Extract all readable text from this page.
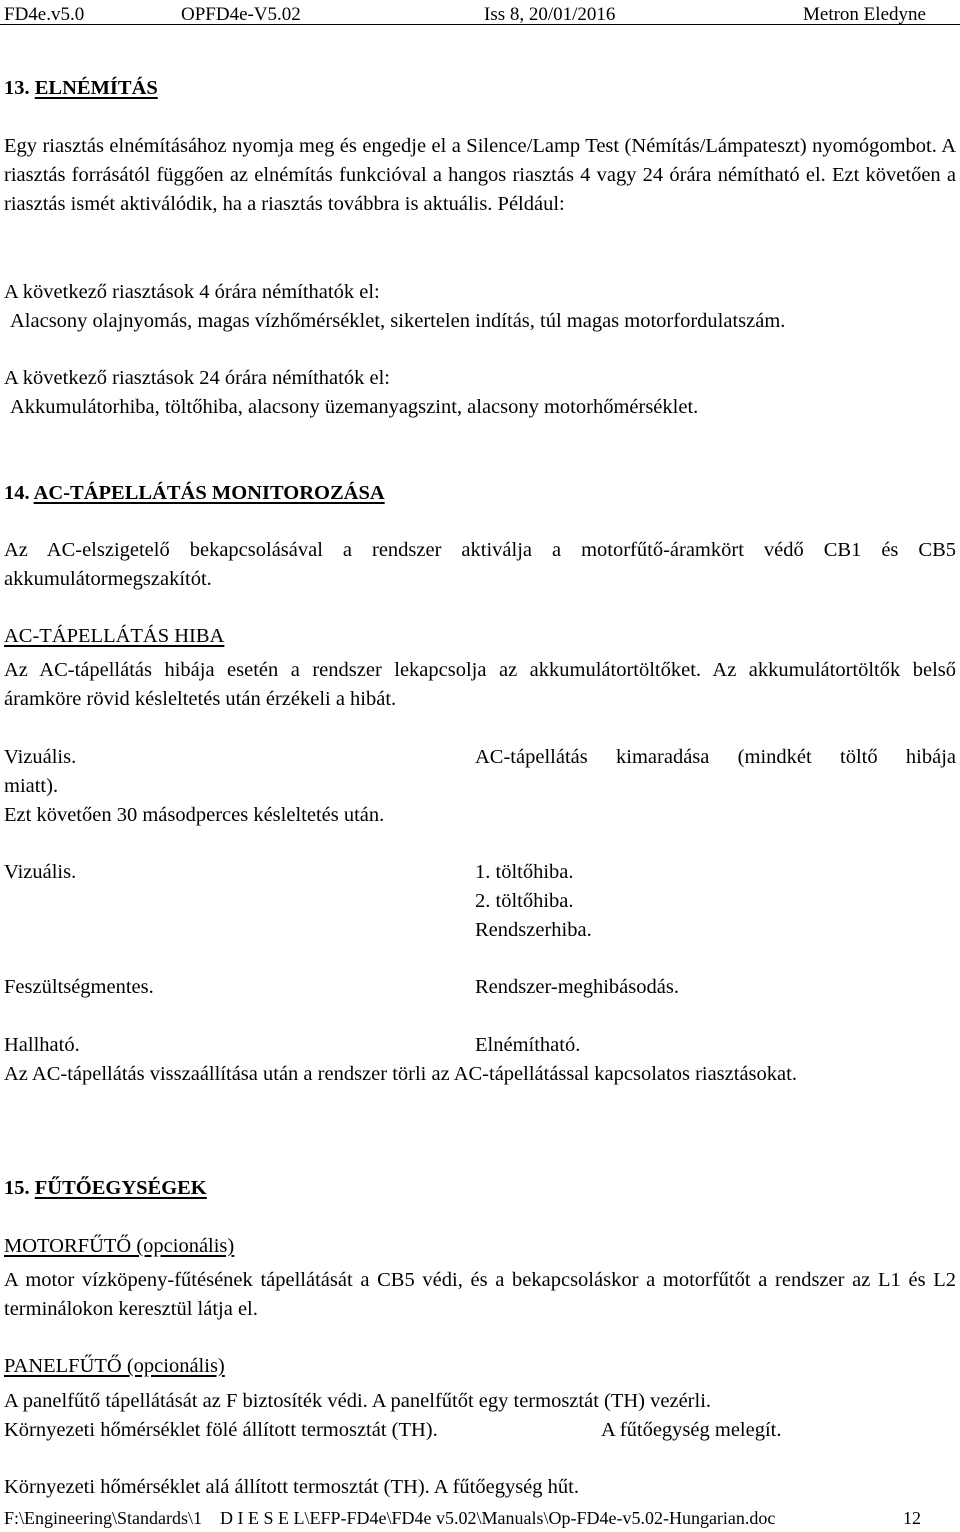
FD4e.v5.0	OPFD4e-V5.02	Iss 8, 20/01/2016	Metron Eledyne
13. ELNÉMÍTÁS
Egy riasztás elnémításához nyomja meg és engedje el a Silence/Lamp Test (Némítás/Lámpateszt) nyomógombot. A riasztás forrásától függően az elnémítás funkcióval a hangos riasztás 4 vagy 24 órára némítható el. Ezt követően a riasztás ismét aktiválódik, ha a riasztás továbbra is aktuális. Például:
A következő riasztások 4 órára némíthatók el:
Alacsony olajnyomás, magas vízhőmérséklet, sikertelen indítás, túl magas motorfordulatszám.
A következő riasztások 24 órára némíthatók el:
Akkumulátorhiba, töltőhiba, alacsony üzemanyagszint, alacsony motorhőmérséklet.
14. AC-TÁPELLÁTÁS MONITOROZÁSA
Az AC-elszigetelő bekapcsolásával a rendszer aktiválja a motorfűtő-áramkört védő CB1 és CB5 akkumulátormegszakítót.
AC-TÁPELLÁTÁS HIBA
Az AC-tápellátás hibája esetén a rendszer lekapcsolja az akkumulátortöltőket. Az akkumulátortöltők belső áramköre rövid késleltetés után érzékeli a hibát.
Vizuális.	AC-tápellátás kimaradása (mindkét töltő hibája
miatt).
Ezt követően 30 másodperces késleltetés után.
Vizuális.	1. töltőhiba.
2. töltőhiba.
Rendszerhiba.
Feszültségmentes.	Rendszer-meghibásodás.
Hallható.	Elnémítható.
Az AC-tápellátás visszaállítása után a rendszer törli az AC-tápellátással kapcsolatos riasztásokat.
15. FŰTŐEGYSÉGEK
MOTORFŰTŐ (opcionális)
A motor vízköpeny-fűtésének tápellátását a CB5 védi, és a bekapcsoláskor a motorfűtőt a rendszer az L1 és L2 terminálokon keresztül látja el.
PANELFŰTŐ (opcionális)
A panelfűtő tápellátását az F biztosíték védi. A panelfűtőt egy termosztát (TH) vezérli.
Környezeti hőmérséklet fölé állított termosztát (TH).	A fűtőegység melegít.
Környezeti hőmérséklet alá állított termosztát (TH). A fűtőegység hűt.
F:\Engineering\Standards\1    D I E S E L\EFP-FD4e\FD4e v5.02\Manuals\Op-FD4e-v5.02-Hungarian.doc	12
